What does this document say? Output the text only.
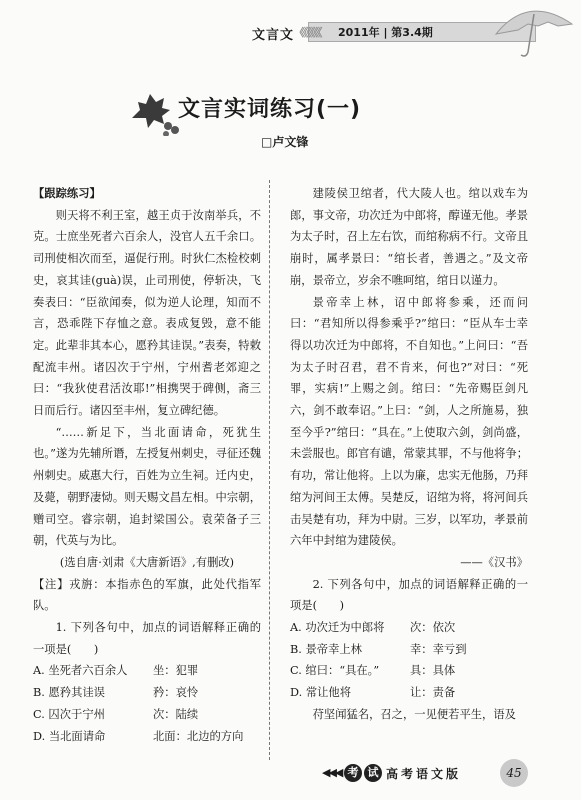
文言文 《《《《《《 2011年 | 第3.4期
文言实词练习(一)
□卢文锋

【跟踪练习】

则天将不利王室，越王贞于汝南举兵，不克。士庶坐死者六百余人，没官人五千余口。司刑使相次而至，逼促行刑。时狄仁杰检校刺史，哀其诖(guà)误，止司刑使，停斩决，飞奏表曰：“臣欲闻奏，似为逆人论理，知而不言，恐乖陛下存恤之意。表成复毁，意不能定。此辈非其本心，愿矜其诖误。”表奏，特敕配流丰州。诸囚次于宁州，宁州耆老郊迎之曰：“我狄使君活汝耶!”相携哭于碑侧，斋三日而后行。诸囚至丰州，复立碑纪德。

“……新足下，当北面请命，死犹生也。”遂为先辅所谮，左授复州刺史，寻征还魏州刺史。威惠大行，百姓为立生祠。迁内史，及薨，朝野凄恸。则天赐文昌左相。中宗朝，赠司空。睿宗朝，追封梁国公。袁荣备子三朝，代英与为比。

(选自唐·刘肃《大唐新语》,有删改)

【注】戎旃：本指赤色的军旗，此处代指军队。

1. 下列各句中，加点的词语解释正确的一项是(　　)

A. 坐死者六百余人	坐：犯罪
B. 愿矜其诖误	矜：哀怜
C. 囚次于宁州	次：陆续
D. 当北面请命	北面：北边的方向

建陵侯卫绾者，代大陵人也。绾以戏车为郎，事文帝，功次迁为中郎将，醇谨无他。孝景为太子时，召上左右饮，而绾称病不行。文帝且崩时，属孝景曰：“绾长者，善遇之。”及文帝崩，景帝立，岁余不噍呵绾，绾日以谨力。

景帝幸上林，诏中郎将参乘，还而问曰：“君知所以得参乘乎?”绾曰：“臣从车士幸得以功次迁为中郎将，不自知也。”上问曰：“吾为太子时召君，君不肯来，何也?”对曰：“死罪，实病!”上赐之剑。绾曰：“先帝赐臣剑凡六，剑不敢奉诏。”上曰：“剑，人之所施易，独至今乎?”绾曰：“具在。”上使取六剑，剑尚盛，未尝服也。郎官有谴，常蒙其罪，不与他将争；有功，常让他将。上以为廉，忠实无他肠，乃拜绾为河间王太傅。吴楚反，诏绾为将，将河间兵击吴楚有功，拜为中尉。三岁，以军功，孝景前六年中封绾为建陵侯。

——《汉书》

2. 下列各句中，加点的词语解释正确的一项是(　　)

A. 功次迁为中郎将	次：依次
B. 景帝幸上林	幸：幸亏到
C. 绾曰：“具在。”	具：具体
D. 常让他将	让：责备

苻坚闻猛名，召之，一见便若平生，语及

◀◀◀ 考 试 高考语文版	45
